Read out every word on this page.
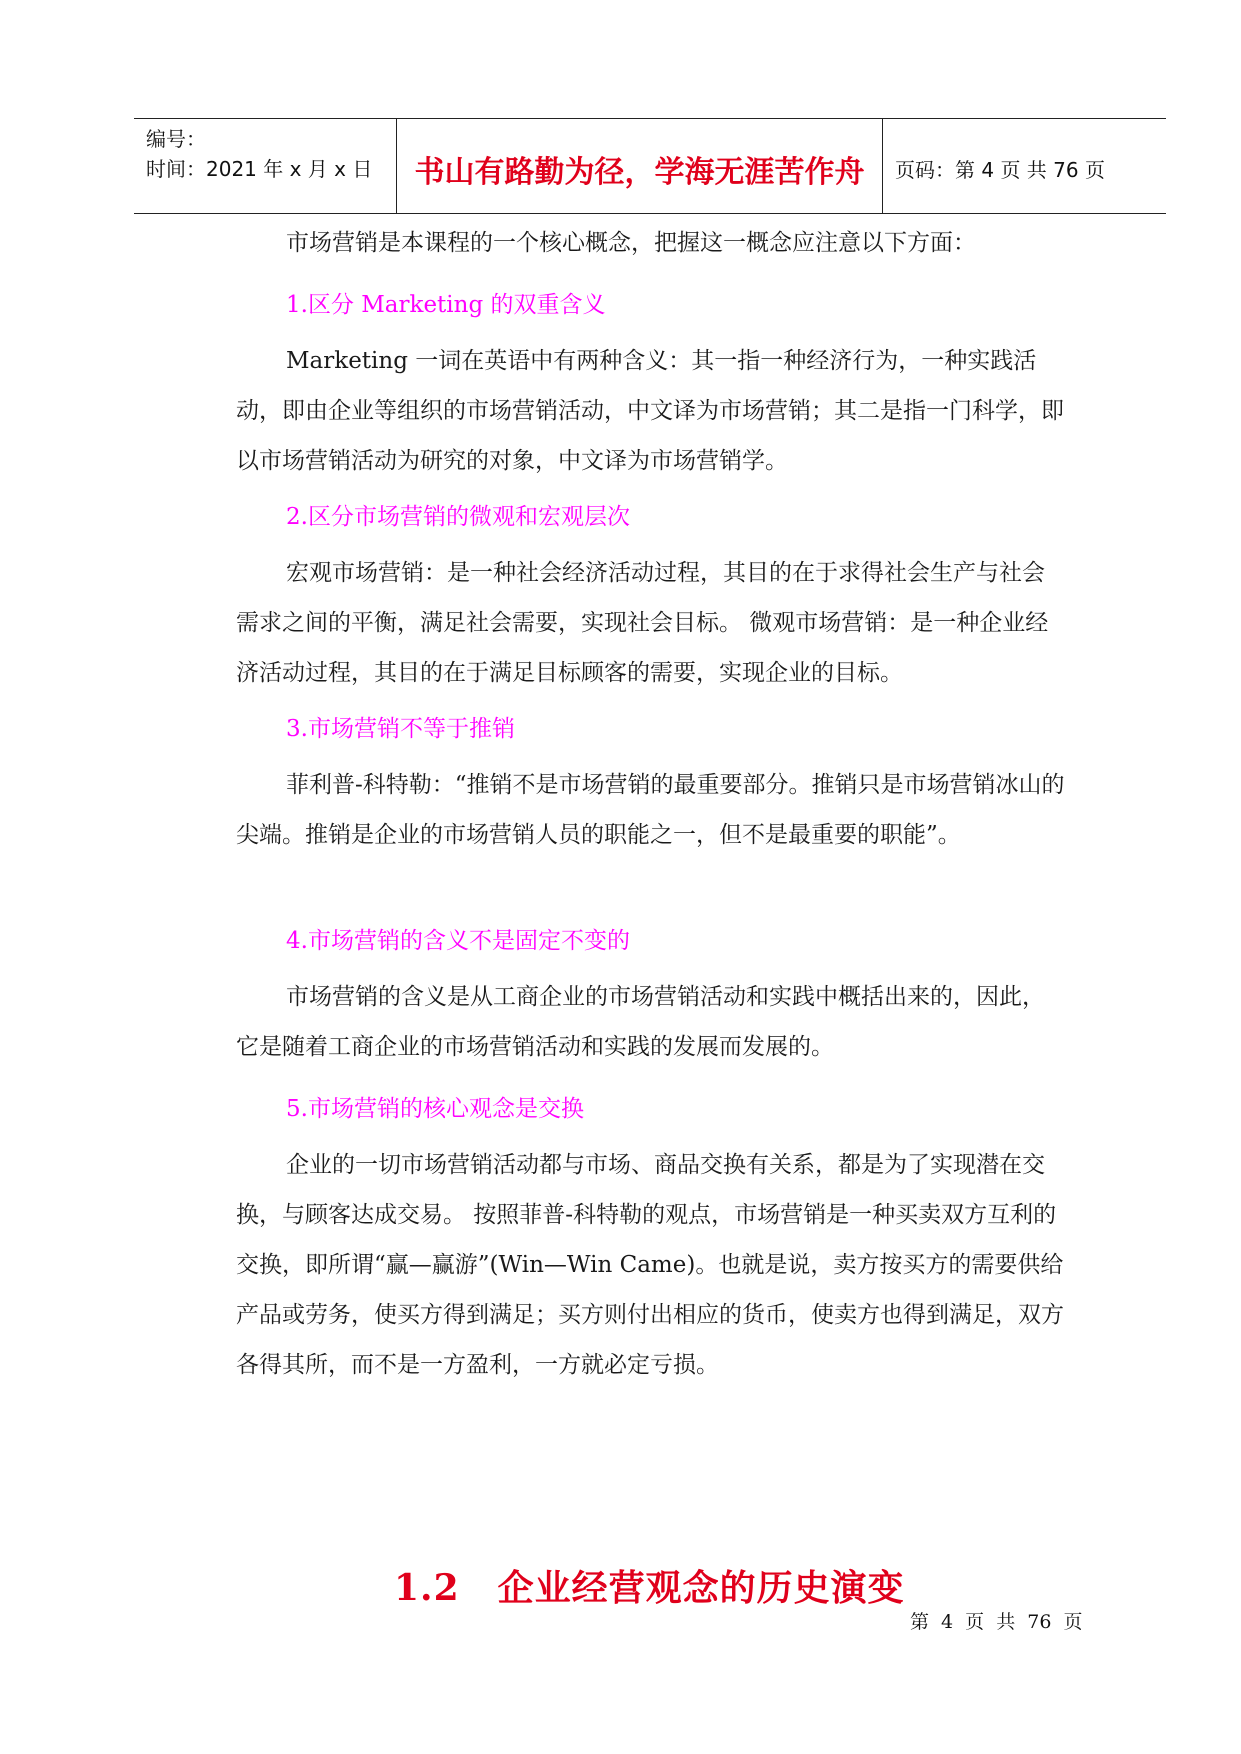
编号：
时间：2021 年 x 月 x 日	书山有路勤为径，学海无涯苦作舟	页码：第 4 页 共 76 页
市场营销是本课程的一个核心概念，把握这一概念应注意以下方面：
1.区分 Marketing 的双重含义
Marketing 一词在英语中有两种含义：其一指一种经济行为，一种实践活动，即由企业等组织的市场营销活动，中文译为市场营销；其二是指一门科学，即以市场营销活动为研究的对象，中文译为市场营销学。
2.区分市场营销的微观和宏观层次
宏观市场营销：是一种社会经济活动过程，其目的在于求得社会生产与社会需求之间的平衡，满足社会需要，实现社会目标。 微观市场营销：是一种企业经济活动过程，其目的在于满足目标顾客的需要，实现企业的目标。
3.市场营销不等于推销
菲利普-科特勒：“推销不是市场营销的最重要部分。推销只是市场营销冰山的尖端。推销是企业的市场营销人员的职能之一，但不是最重要的职能”。
4.市场营销的含义不是固定不变的
市场营销的含义是从工商企业的市场营销活动和实践中概括出来的，因此，它是随着工商企业的市场营销活动和实践的发展而发展的。
5.市场营销的核心观念是交换
企业的一切市场营销活动都与市场、商品交换有关系，都是为了实现潜在交换，与顾客达成交易。 按照菲普-科特勒的观点，市场营销是一种买卖双方互利的交换，即所谓“赢—赢游”(Win—Win Came)。也就是说，卖方按买方的需要供给产品或劳务，使买方得到满足；买方则付出相应的货币，使卖方也得到满足，双方各得其所，而不是一方盈利，一方就必定亏损。
1.2 企业经营观念的历史演变
第 4 页 共 76 页
